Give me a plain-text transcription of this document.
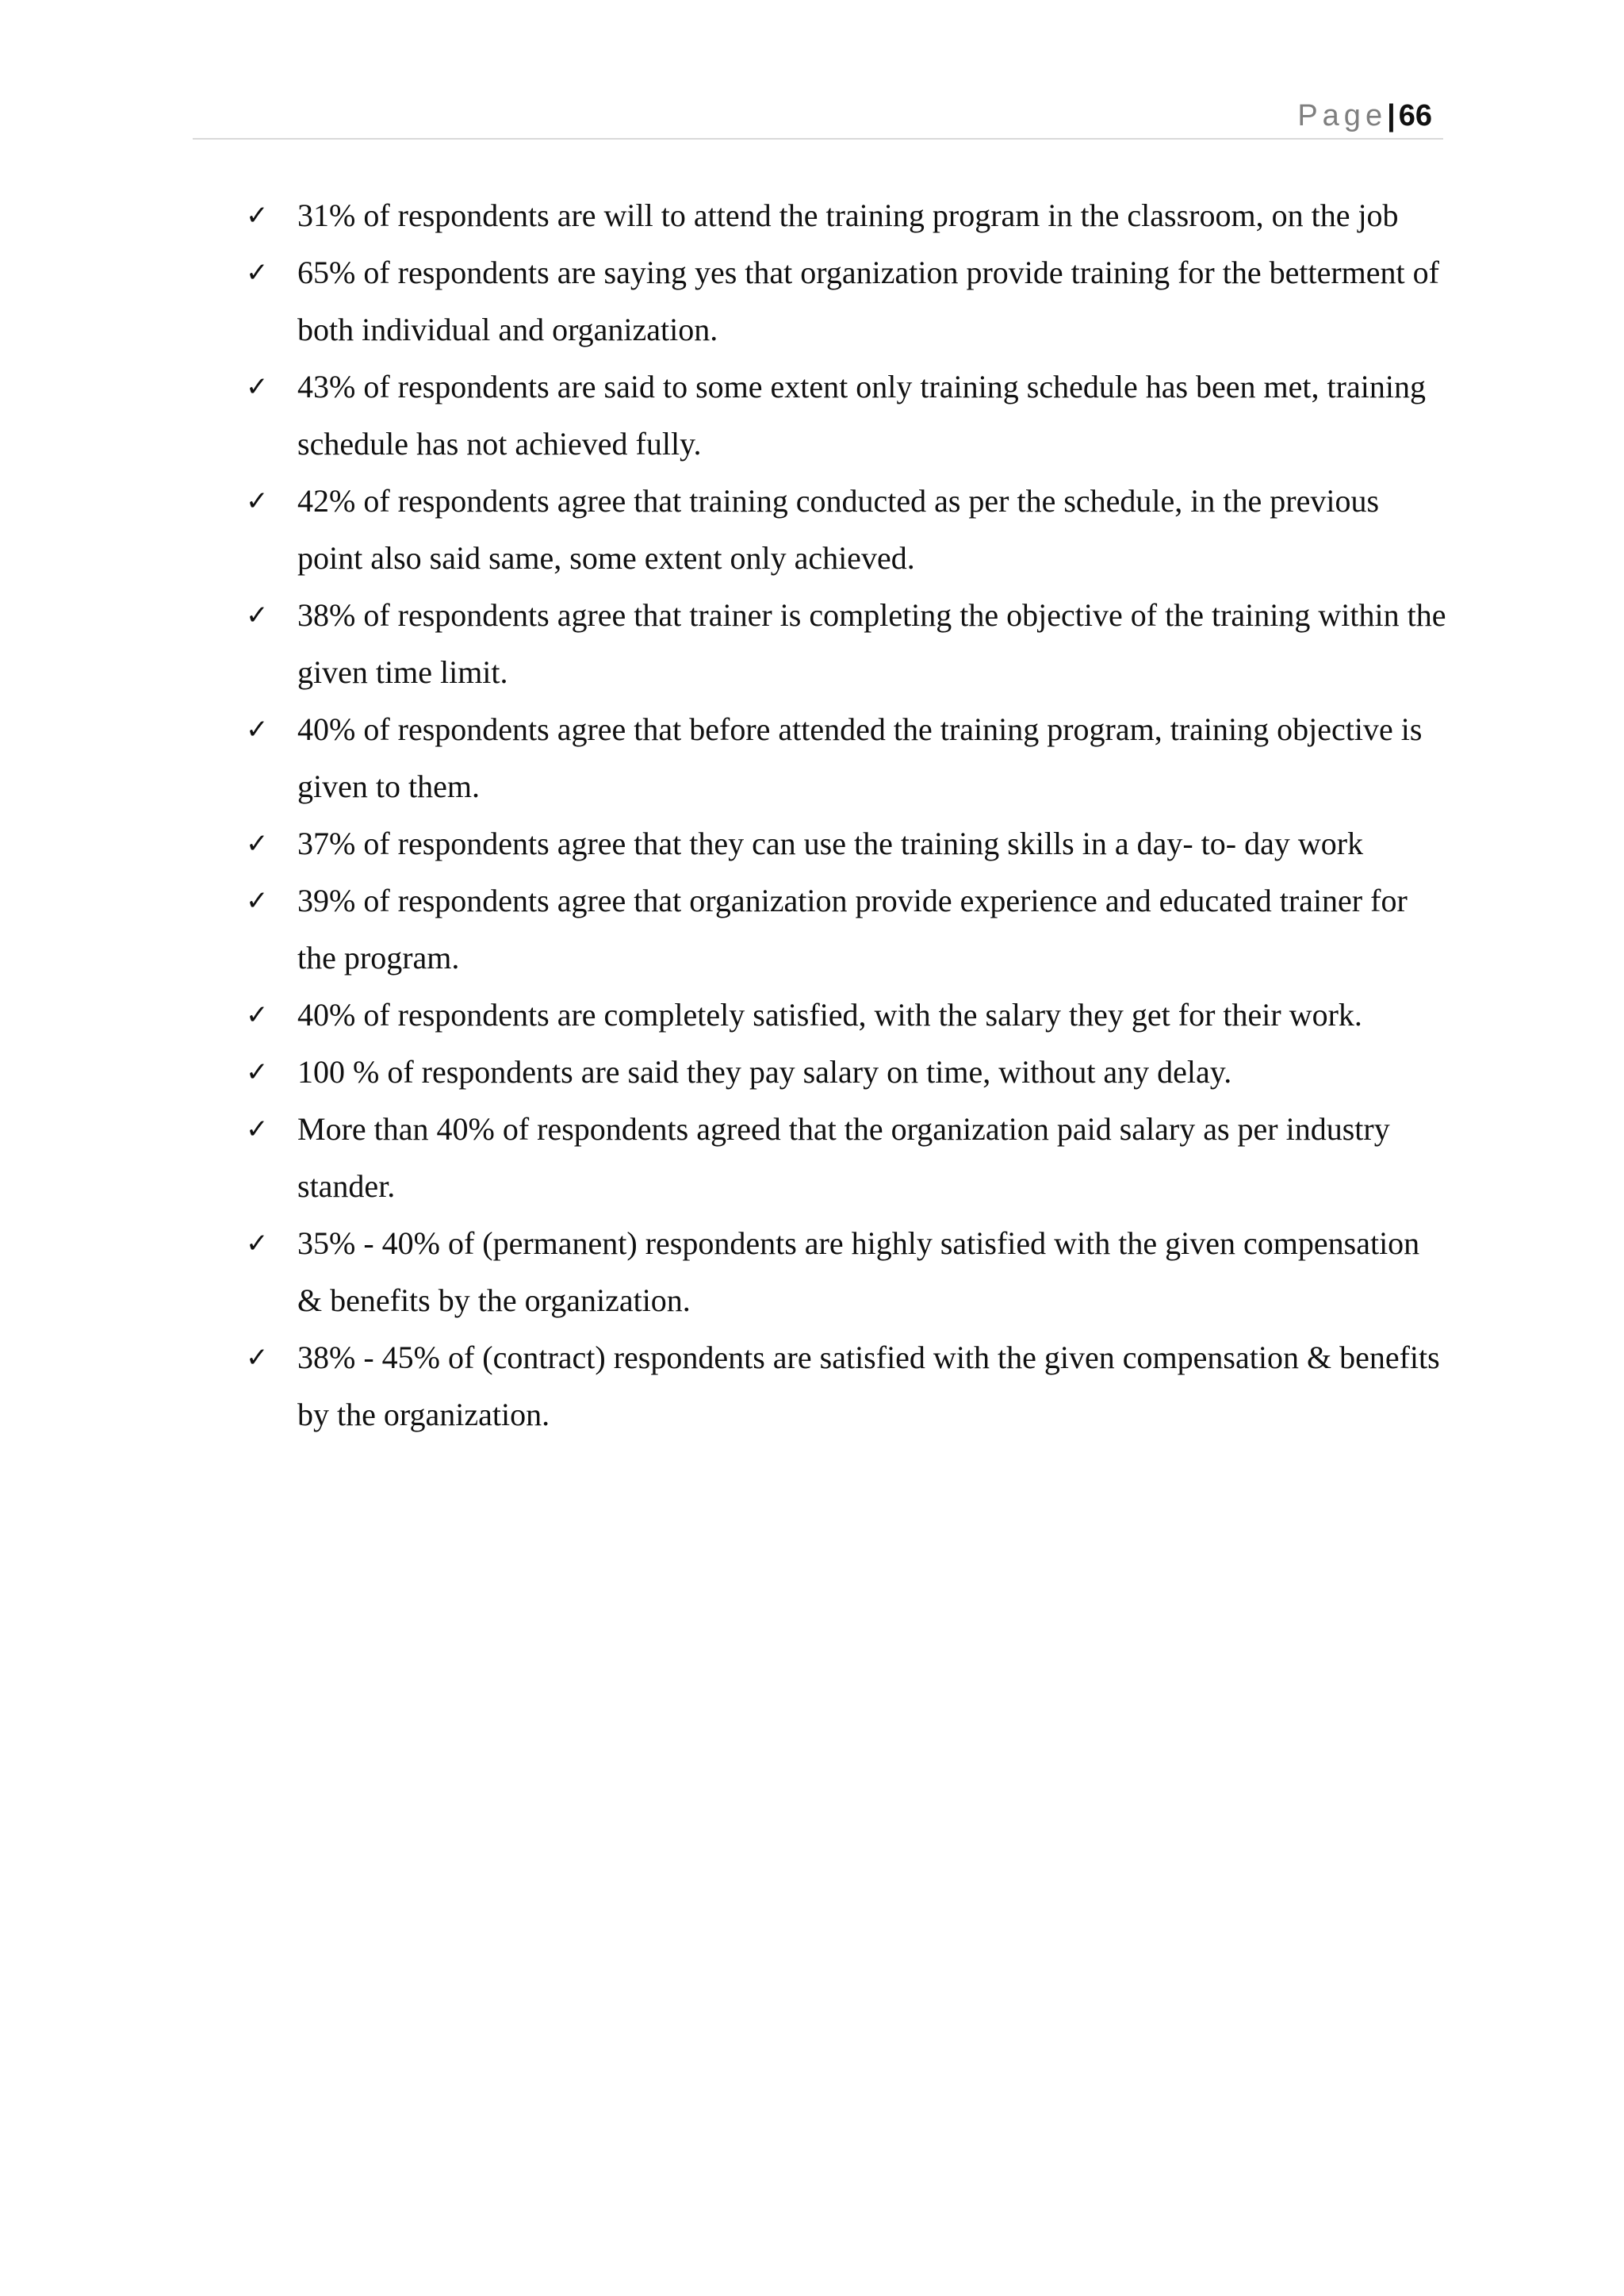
Page| 66
✓ 31% of respondents are will to attend the training program in the classroom, on the job
✓ 65% of respondents are saying yes that organization provide training for the betterment of both individual and organization.
✓ 43% of respondents are said to some extent only training schedule has been met, training schedule has not achieved fully.
✓ 42% of respondents agree that training conducted as per the schedule, in the previous point also said same, some extent only achieved.
✓ 38% of respondents agree that trainer is completing the objective of the training within the given time limit.
✓ 40% of respondents agree that before attended the training program, training objective is given to them.
✓ 37% of respondents agree that they can use the training skills in a day- to- day work
✓ 39% of respondents agree that organization provide experience and educated trainer for the program.
✓ 40% of respondents are completely satisfied, with the salary they get for their work.
✓ 100 % of respondents are said they pay salary on time, without any delay.
✓ More than 40% of respondents agreed that the organization paid salary as per industry stander.
✓ 35% - 40% of (permanent) respondents are highly satisfied with the given compensation & benefits by the organization.
✓ 38% - 45% of (contract) respondents are satisfied with the given compensation & benefits by the organization.
